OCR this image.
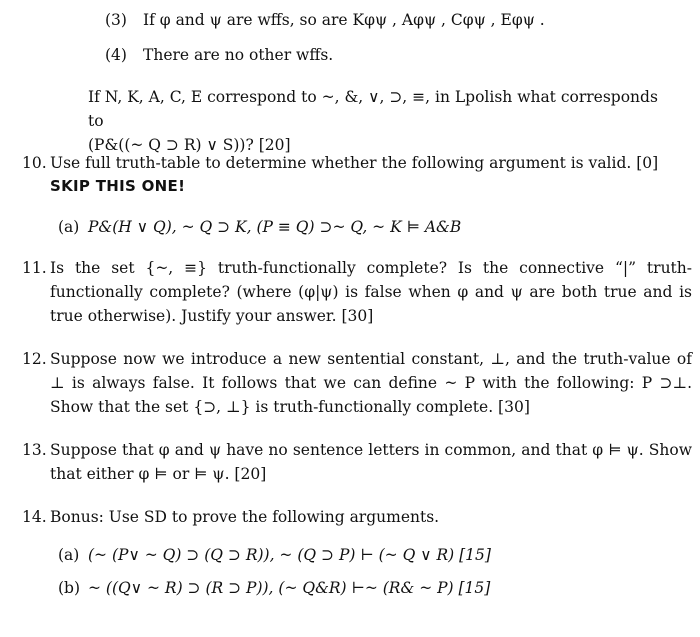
(3) If φ and ψ are wffs, so are Kφψ , Aφψ , Cφψ , Eφψ .
(4) There are no other wffs.
If N, K, A, C, E correspond to ~, &, ∨, ⊃, ≡, in Lpolish what corresponds to
(P&((~ Q ⊃ R) ∨ S))? [20]
10. Use full truth-table to determine whether the following argument is valid. [0]
SKIP THIS ONE!
(a) P&(H ∨ Q), ~ Q ⊃ K, (P ≡ Q) ⊃~ Q, ~ K ⊨ A&B
11. Is the set {~, ≡} truth-functionally complete? Is the connective “|” truth-functionally complete? (where (φ|ψ) is false when φ and ψ are both true and is true otherwise). Justify your answer. [30]
12. Suppose now we introduce a new sentential constant, ⊥, and the truth-value of ⊥ is always false. It follows that we can define ~ P with the following: P ⊃⊥. Show that the set {⊃, ⊥} is truth-functionally complete. [30]
13. Suppose that φ and ψ have no sentence letters in common, and that φ ⊨ ψ. Show that either φ ⊨ or ⊨ ψ. [20]
14. Bonus: Use SD to prove the following arguments.
(a) (~ (P∨ ~ Q) ⊃ (Q ⊃ R)), ~ (Q ⊃ P) ⊢ (~ Q ∨ R) [15]
(b) ~ ((Q∨ ~ R) ⊃ (R ⊃ P)), (~ Q&R) ⊢~ (R& ~ P) [15]
